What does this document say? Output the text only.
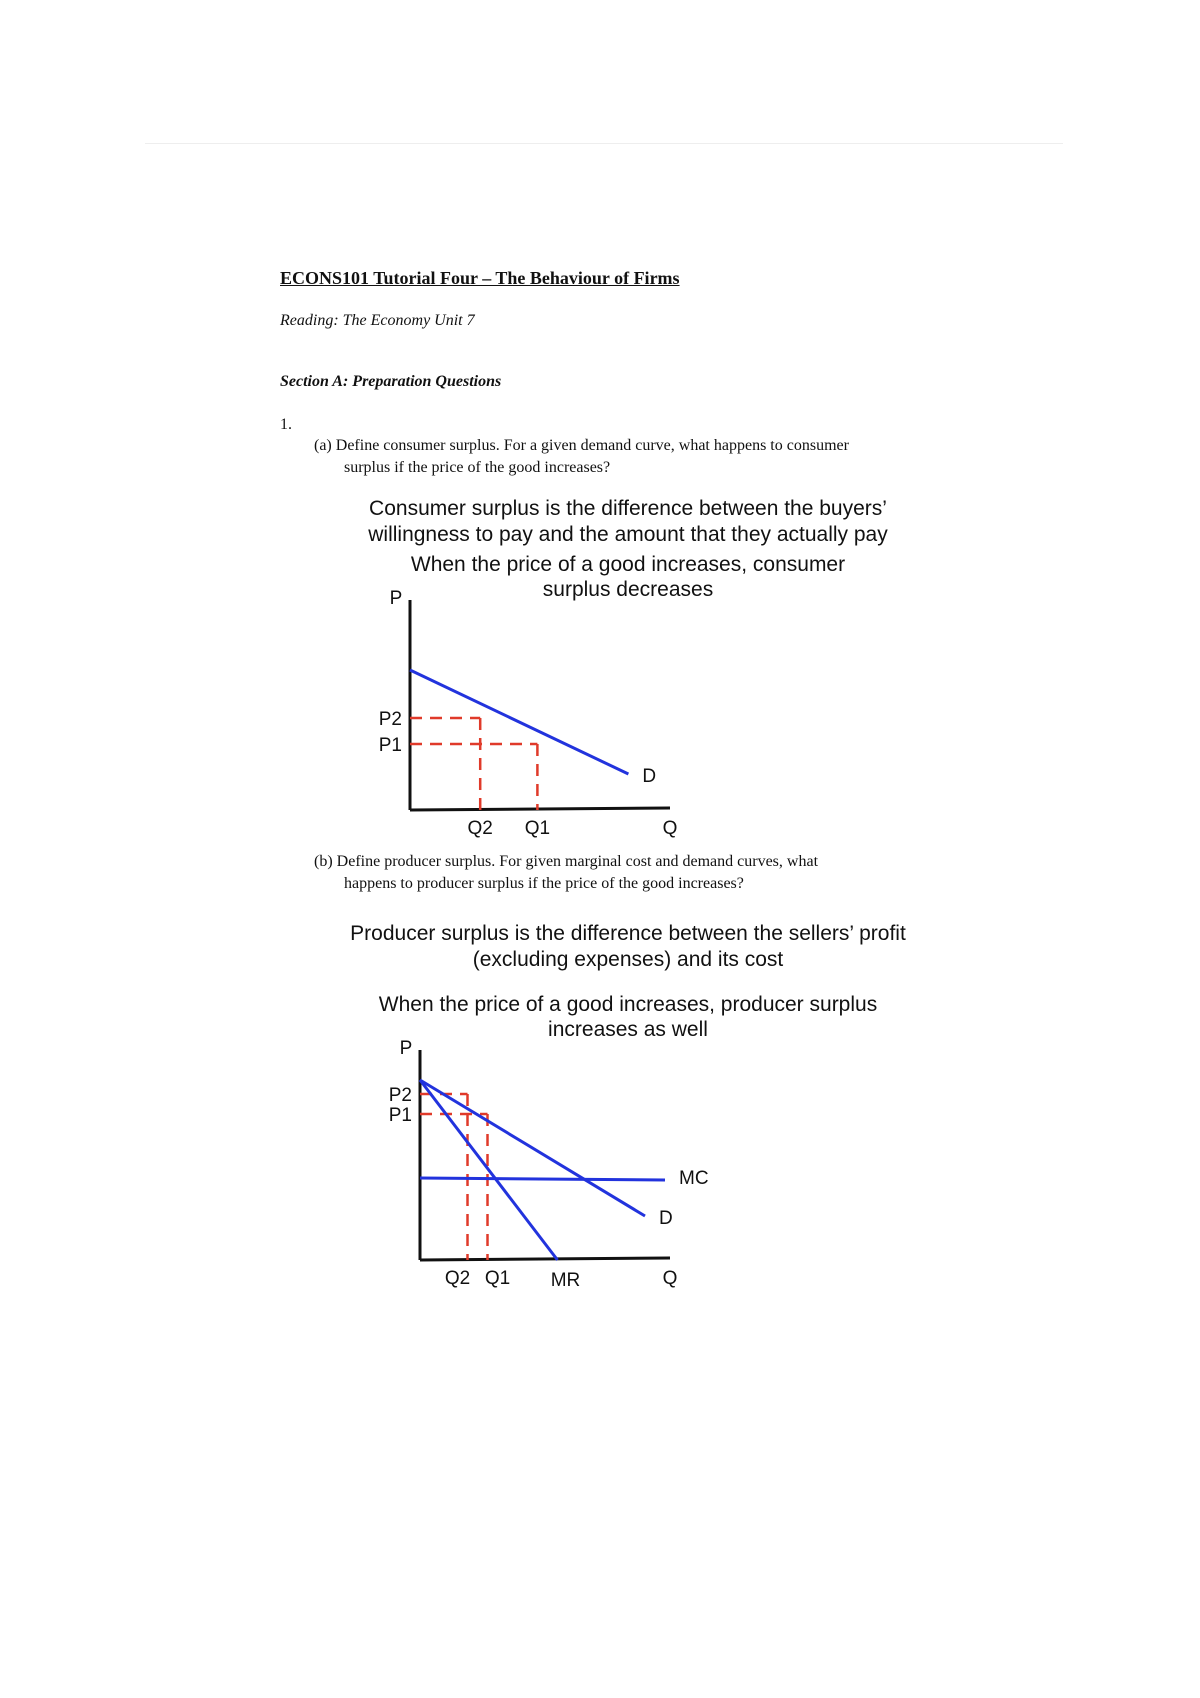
ECONS101 Tutorial Four – The Behaviour of Firms
Reading: The Economy Unit 7
Section A: Preparation Questions
1.
(a) Define consumer surplus. For a given demand curve, what happens to consumer
surplus if the price of the good increases?
Consumer surplus is the difference between the buyers’
willingness to pay and the amount that they actually pay
When the price of a good increases, consumer
surplus decreases
P
Q
P2
Q2
P1
Q1
D
(b) Define producer surplus. For given marginal cost and demand curves, what
happens to producer surplus if the price of the good increases?
Producer surplus is the difference between the sellers’ profit
(excluding expenses) and its cost
When the price of a good increases, producer surplus
increases as well
P
Q
P2
Q2
P1
Q1
D
MR
MC
